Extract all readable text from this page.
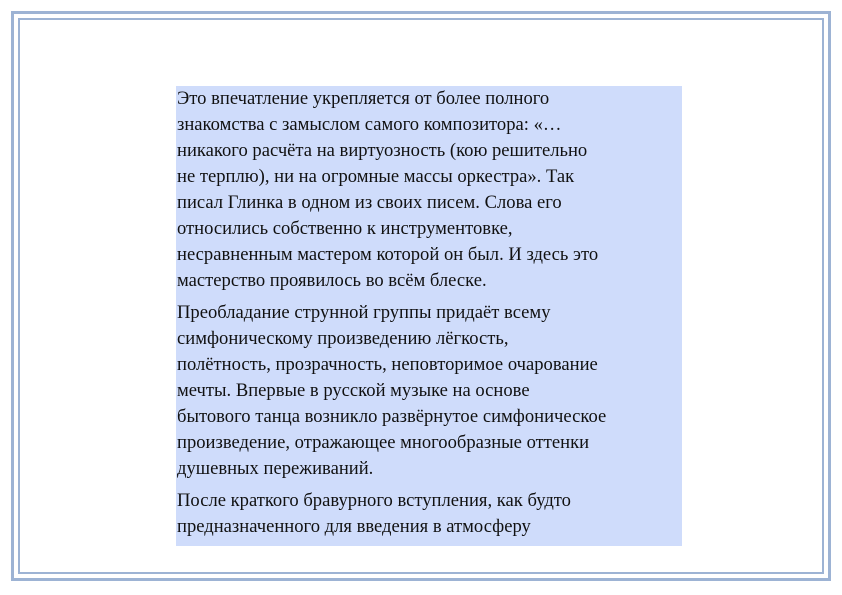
Это впечатление укрепляется от более полного
знакомства с замыслом самого композитора: «…
никакого расчёта на виртуозность (кою решительно
не терплю), ни на огромные массы оркестра». Так
писал Глинка в одном из своих писем. Слова его
относились собственно к инструментовке,
несравненным мастером которой он был. И здесь это
мастерство проявилось во всём блеске.

Преобладание струнной группы придаёт всему
симфоническому произведению лёгкость,
полётность, прозрачность, неповторимое очарование
мечты. Впервые в русской музыке на основе
бытового танца возникло развёрнутое симфоническое
произведение, отражающее многообразные оттенки
душевных переживаний.

После краткого бравурного вступления, как будто
предназначенного для введения в атмосферу
